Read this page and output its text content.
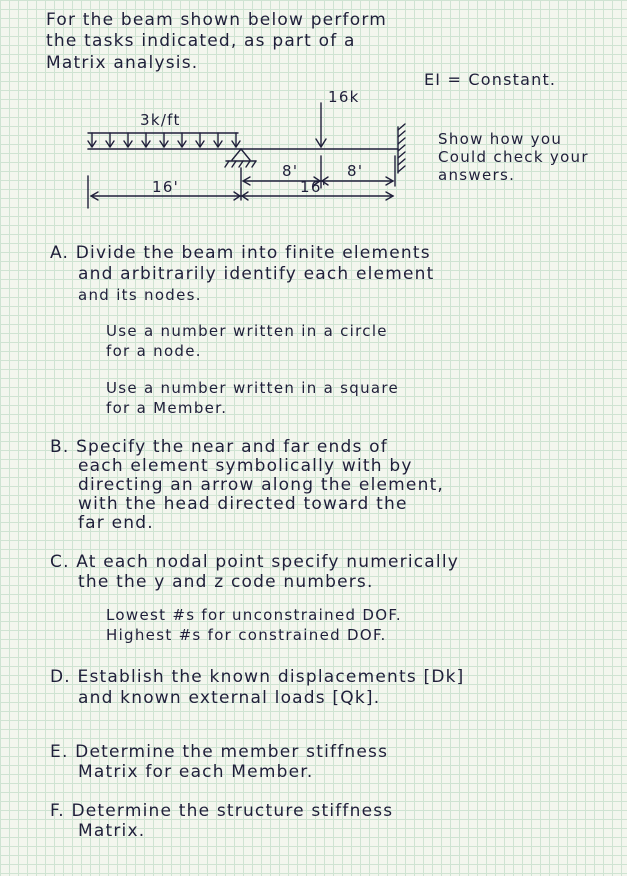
For the beam shown below perform
the tasks indicated, as part of a
Matrix analysis.
EI = Constant.
3k/ft
16k
16'
8'	8'
16'
Show how you
Could check your
answers.
A. Divide the beam into finite elements
and arbitrarily identify each element
and its nodes.
Use a number written in a circle
for a node.
Use a number written in a square
for a Member.
B. Specify the near and far ends of
each element symbolically with by
directing an arrow along the element,
with the head directed toward the
far end.
C. At each nodal point specify numerically
the the y and z code numbers.
Lowest #s for unconstrained DOF.
Highest #s for constrained DOF.
D. Establish the known displacements [Dk]
and known external loads [Qk].
E. Determine the member stiffness
Matrix for each Member.
F. Determine the structure stiffness
Matrix.
